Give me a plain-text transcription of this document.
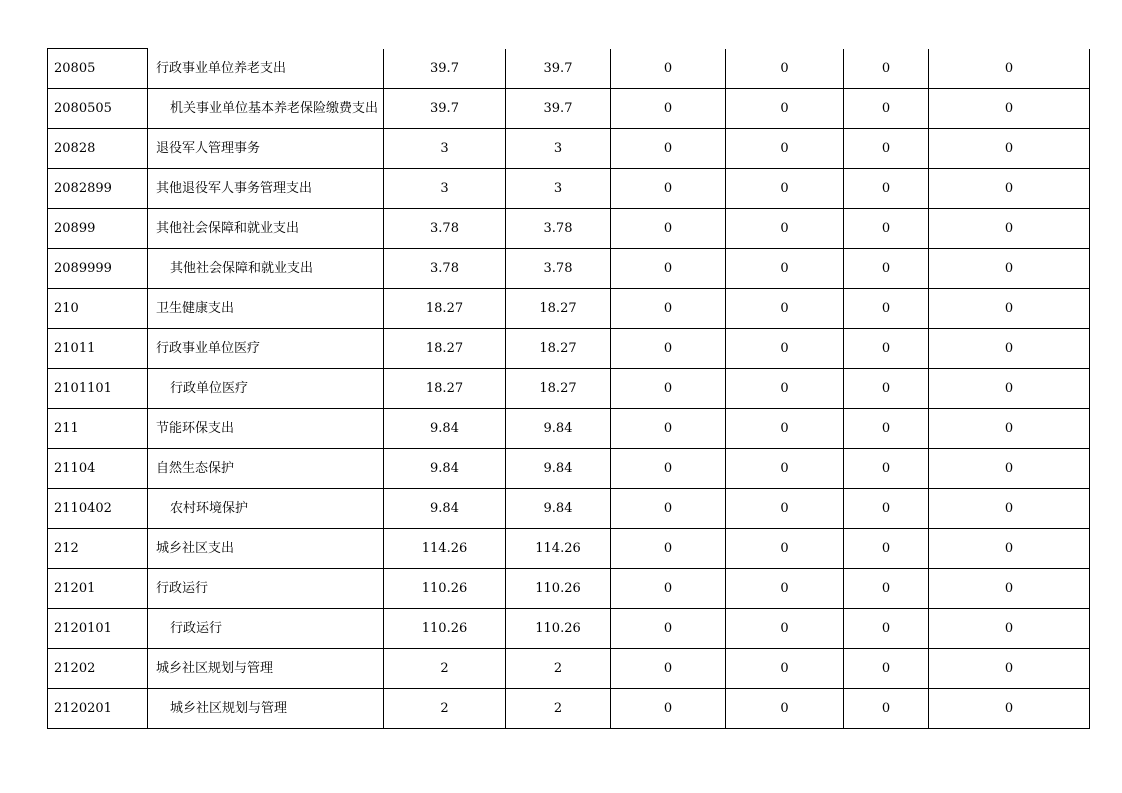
20805	行政事业单位养老支出	39.7	39.7	0	0	0	0
2080505	机关事业单位基本养老保险缴费支出	39.7	39.7	0	0	0	0
20828	退役军人管理事务	3	3	0	0	0	0
2082899	其他退役军人事务管理支出	3	3	0	0	0	0
20899	其他社会保障和就业支出	3.78	3.78	0	0	0	0
2089999	其他社会保障和就业支出	3.78	3.78	0	0	0	0
210	卫生健康支出	18.27	18.27	0	0	0	0
21011	行政事业单位医疗	18.27	18.27	0	0	0	0
2101101	行政单位医疗	18.27	18.27	0	0	0	0
211	节能环保支出	9.84	9.84	0	0	0	0
21104	自然生态保护	9.84	9.84	0	0	0	0
2110402	农村环境保护	9.84	9.84	0	0	0	0
212	城乡社区支出	114.26	114.26	0	0	0	0
21201	行政运行	110.26	110.26	0	0	0	0
2120101	行政运行	110.26	110.26	0	0	0	0
21202	城乡社区规划与管理	2	2	0	0	0	0
2120201	城乡社区规划与管理	2	2	0	0	0	0
